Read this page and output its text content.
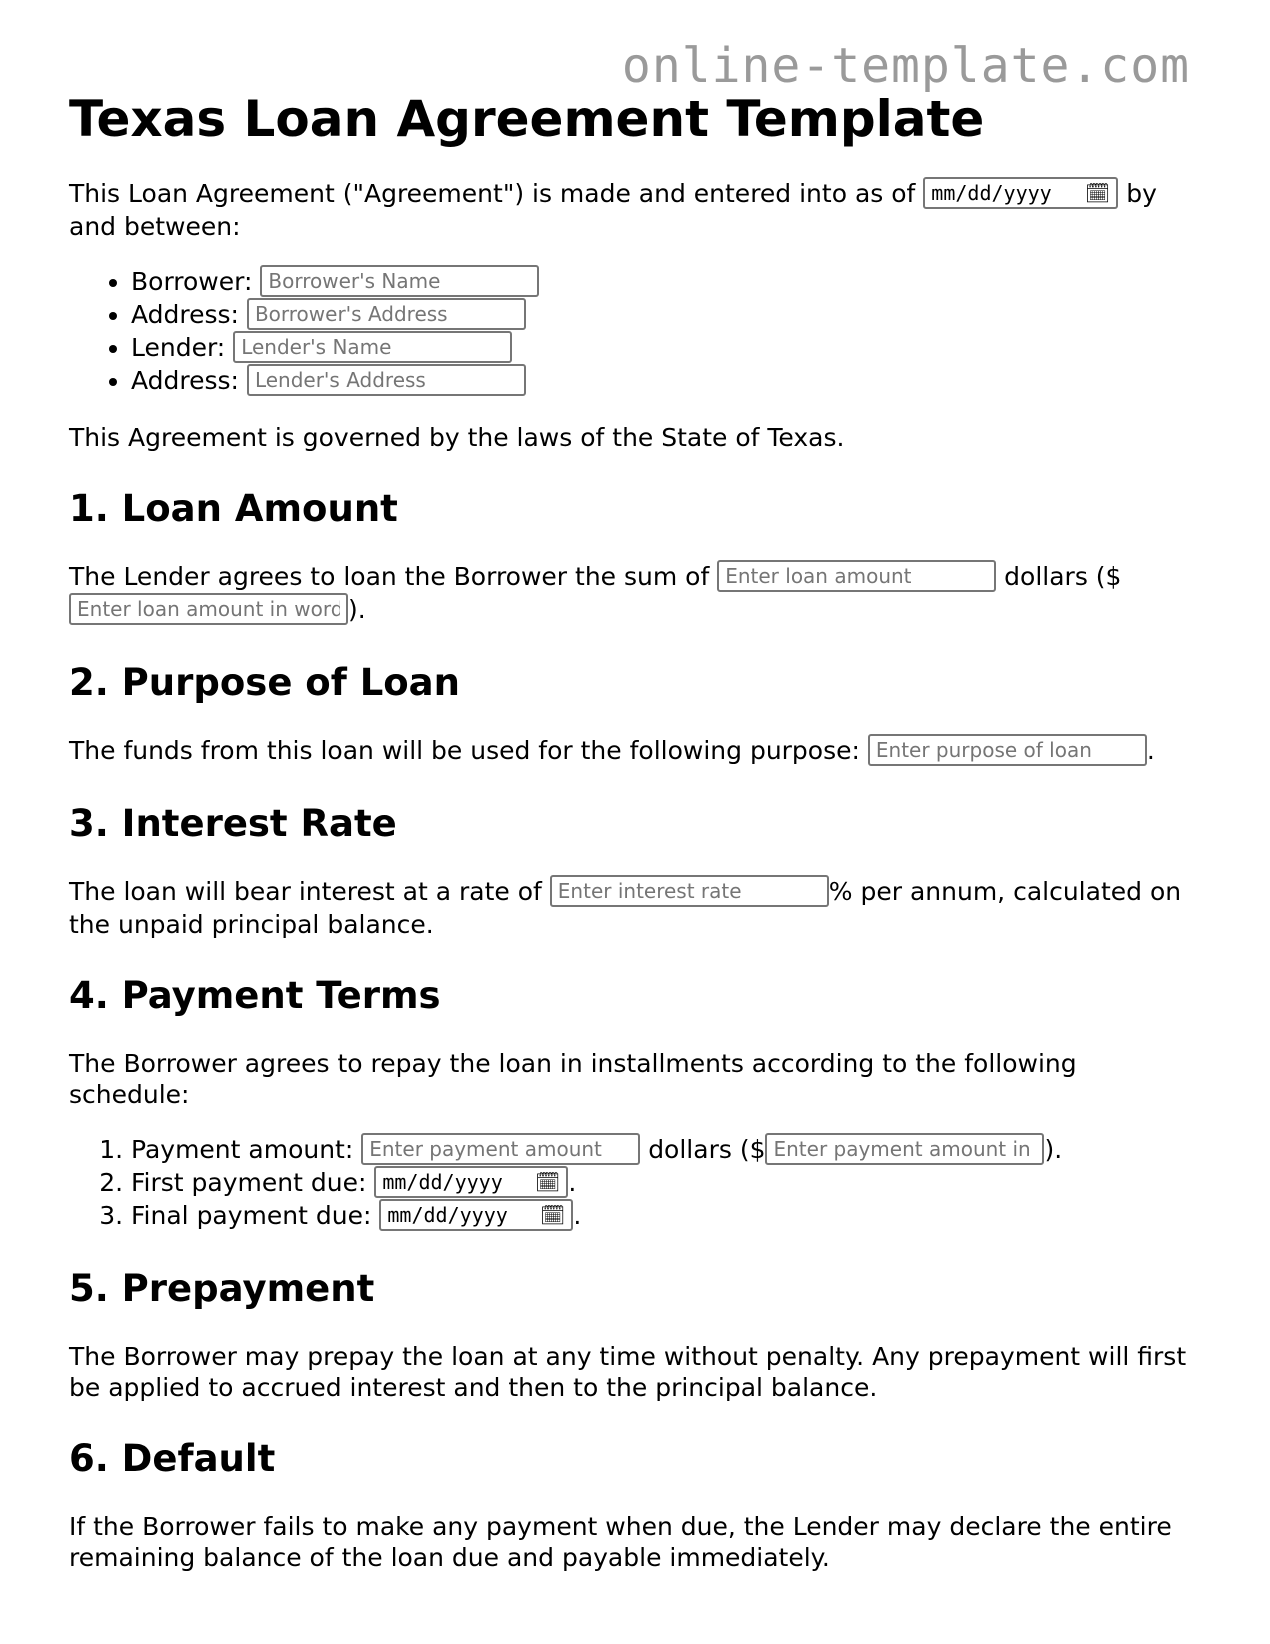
online-template.com
Texas Loan Agreement Template

This Loan Agreement ("Agreement") is made and entered into as of mm/dd/yyyy 🗓 by and between:

• Borrower: Borrower's Name
• Address: Borrower's Address
• Lender: Lender's Name
• Address: Lender's Address

This Agreement is governed by the laws of the State of Texas.

1. Loan Amount

The Lender agrees to loan the Borrower the sum of Enter loan amount	dollars ($
Enter loan amount in words).

2. Purpose of Loan

The funds from this loan will be used for the following purpose: Enter purpose of loan	.

3. Interest Rate

The loan will bear interest at a rate of Enter interest rate	% per annum, calculated on the unpaid principal balance.

4. Payment Terms

The Borrower agrees to repay the loan in installments according to the following schedule:

1. Payment amount: Enter payment amount	dollars ($Enter payment amount in words	).
2. First payment due: mm/dd/yyyy 🗓 .
3. Final payment due: mm/dd/yyyy 🗓 .
5. Prepayment

The Borrower may prepay the loan at any time without penalty. Any prepayment will first be applied to accrued interest and then to the principal balance.

6. Default

If the Borrower fails to make any payment when due, the Lender may declare the entire remaining balance of the loan due and payable immediately.
